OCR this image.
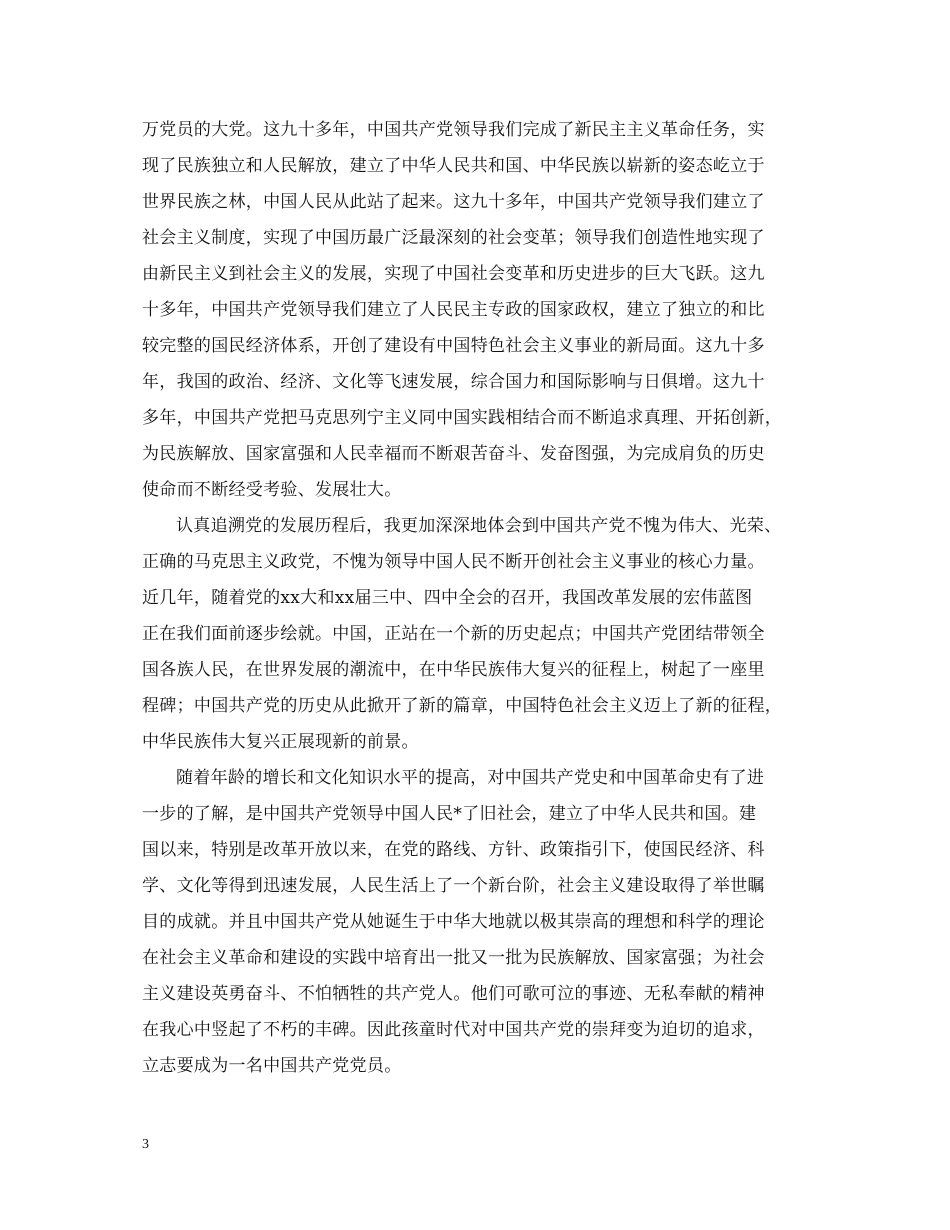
万党员的大党。这九十多年，中国共产党领导我们完成了新民主主义革命任务，实
现了民族独立和人民解放，建立了中华人民共和国、中华民族以崭新的姿态屹立于
世界民族之林，中国人民从此站了起来。这九十多年，中国共产党领导我们建立了
社会主义制度，实现了中国历最广泛最深刻的社会变革；领导我们创造性地实现了
由新民主义到社会主义的发展，实现了中国社会变革和历史进步的巨大飞跃。这九
十多年，中国共产党领导我们建立了人民民主专政的国家政权，建立了独立的和比
较完整的国民经济体系，开创了建设有中国特色社会主义事业的新局面。这九十多
年，我国的政治、经济、文化等飞速发展，综合国力和国际影响与日俱增。这九十
多年，中国共产党把马克思列宁主义同中国实践相结合而不断追求真理、开拓创新，
为民族解放、国家富强和人民幸福而不断艰苦奋斗、发奋图强，为完成肩负的历史
使命而不断经受考验、发展壮大。
认真追溯党的发展历程后，我更加深深地体会到中国共产党不愧为伟大、光荣、
正确的马克思主义政党，不愧为领导中国人民不断开创社会主义事业的核心力量。
近几年，随着党的xx大和xx届三中、四中全会的召开，我国改革发展的宏伟蓝图
正在我们面前逐步绘就。中国，正站在一个新的历史起点；中国共产党团结带领全
国各族人民，在世界发展的潮流中，在中华民族伟大复兴的征程上，树起了一座里
程碑；中国共产党的历史从此掀开了新的篇章，中国特色社会主义迈上了新的征程，
中华民族伟大复兴正展现新的前景。
随着年龄的增长和文化知识水平的提高，对中国共产党史和中国革命史有了进
一步的了解，是中国共产党领导中国人民*了旧社会，建立了中华人民共和国。建
国以来，特别是改革开放以来，在党的路线、方针、政策指引下，使国民经济、科
学、文化等得到迅速发展，人民生活上了一个新台阶，社会主义建设取得了举世瞩
目的成就。并且中国共产党从她诞生于中华大地就以极其崇高的理想和科学的理论
在社会主义革命和建设的实践中培育出一批又一批为民族解放、国家富强；为社会
主义建设英勇奋斗、不怕牺牲的共产党人。他们可歌可泣的事迹、无私奉献的精神
在我心中竖起了不朽的丰碑。因此孩童时代对中国共产党的崇拜变为迫切的追求，
立志要成为一名中国共产党党员。
3
